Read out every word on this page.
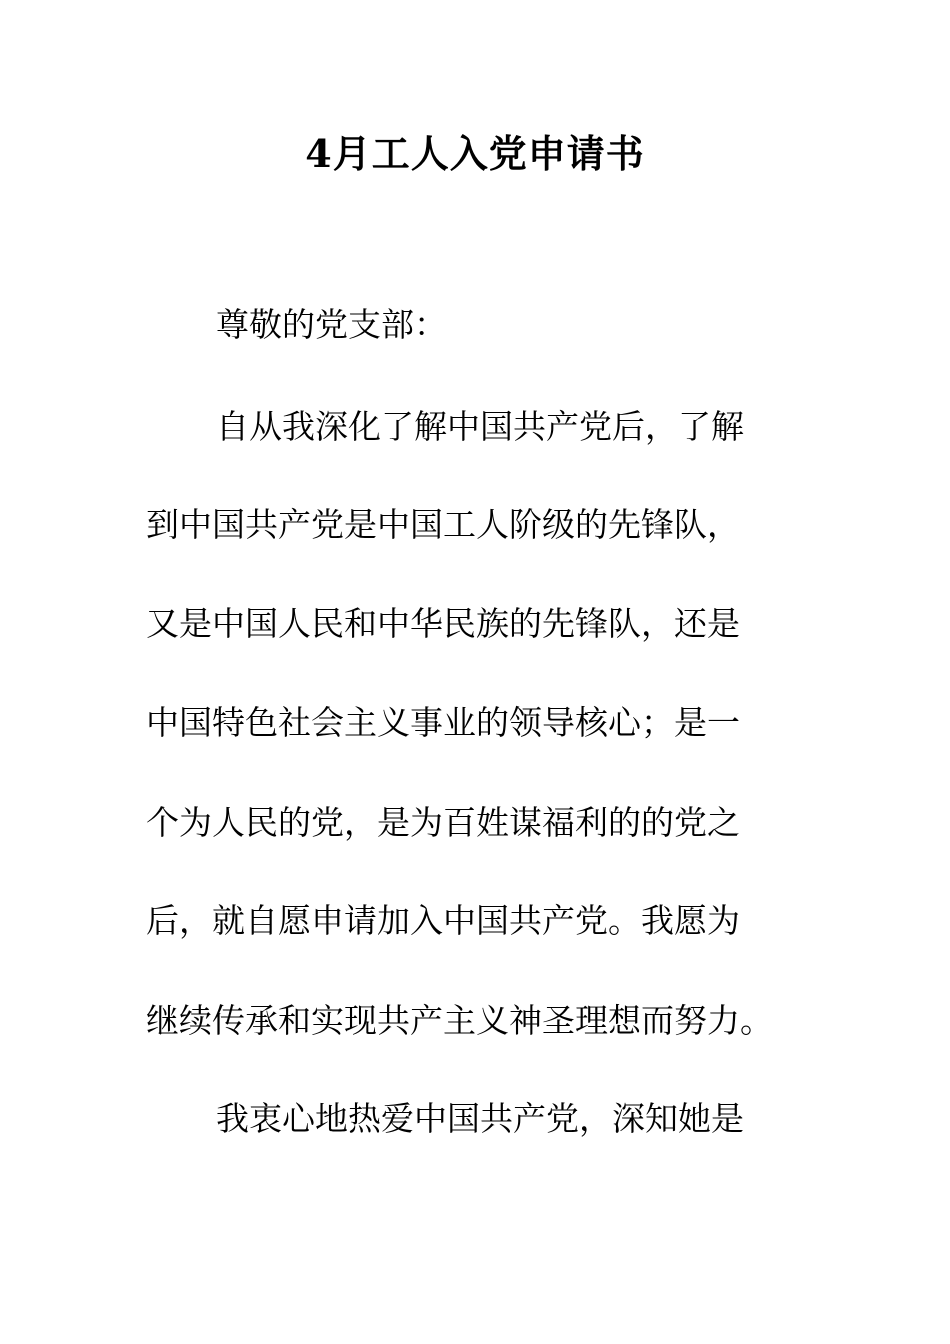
4月工人入党申请书

尊敬的党支部：

自从我深化了解中国共产党后，了解

到中国共产党是中国工人阶级的先锋队，

又是中国人民和中华民族的先锋队，还是

中国特色社会主义事业的领导核心；是一

个为人民的党，是为百姓谋福利的的党之

后，就自愿申请加入中国共产党。我愿为

继续传承和实现共产主义神圣理想而努力。

我衷心地热爱中国共产党，深知她是
